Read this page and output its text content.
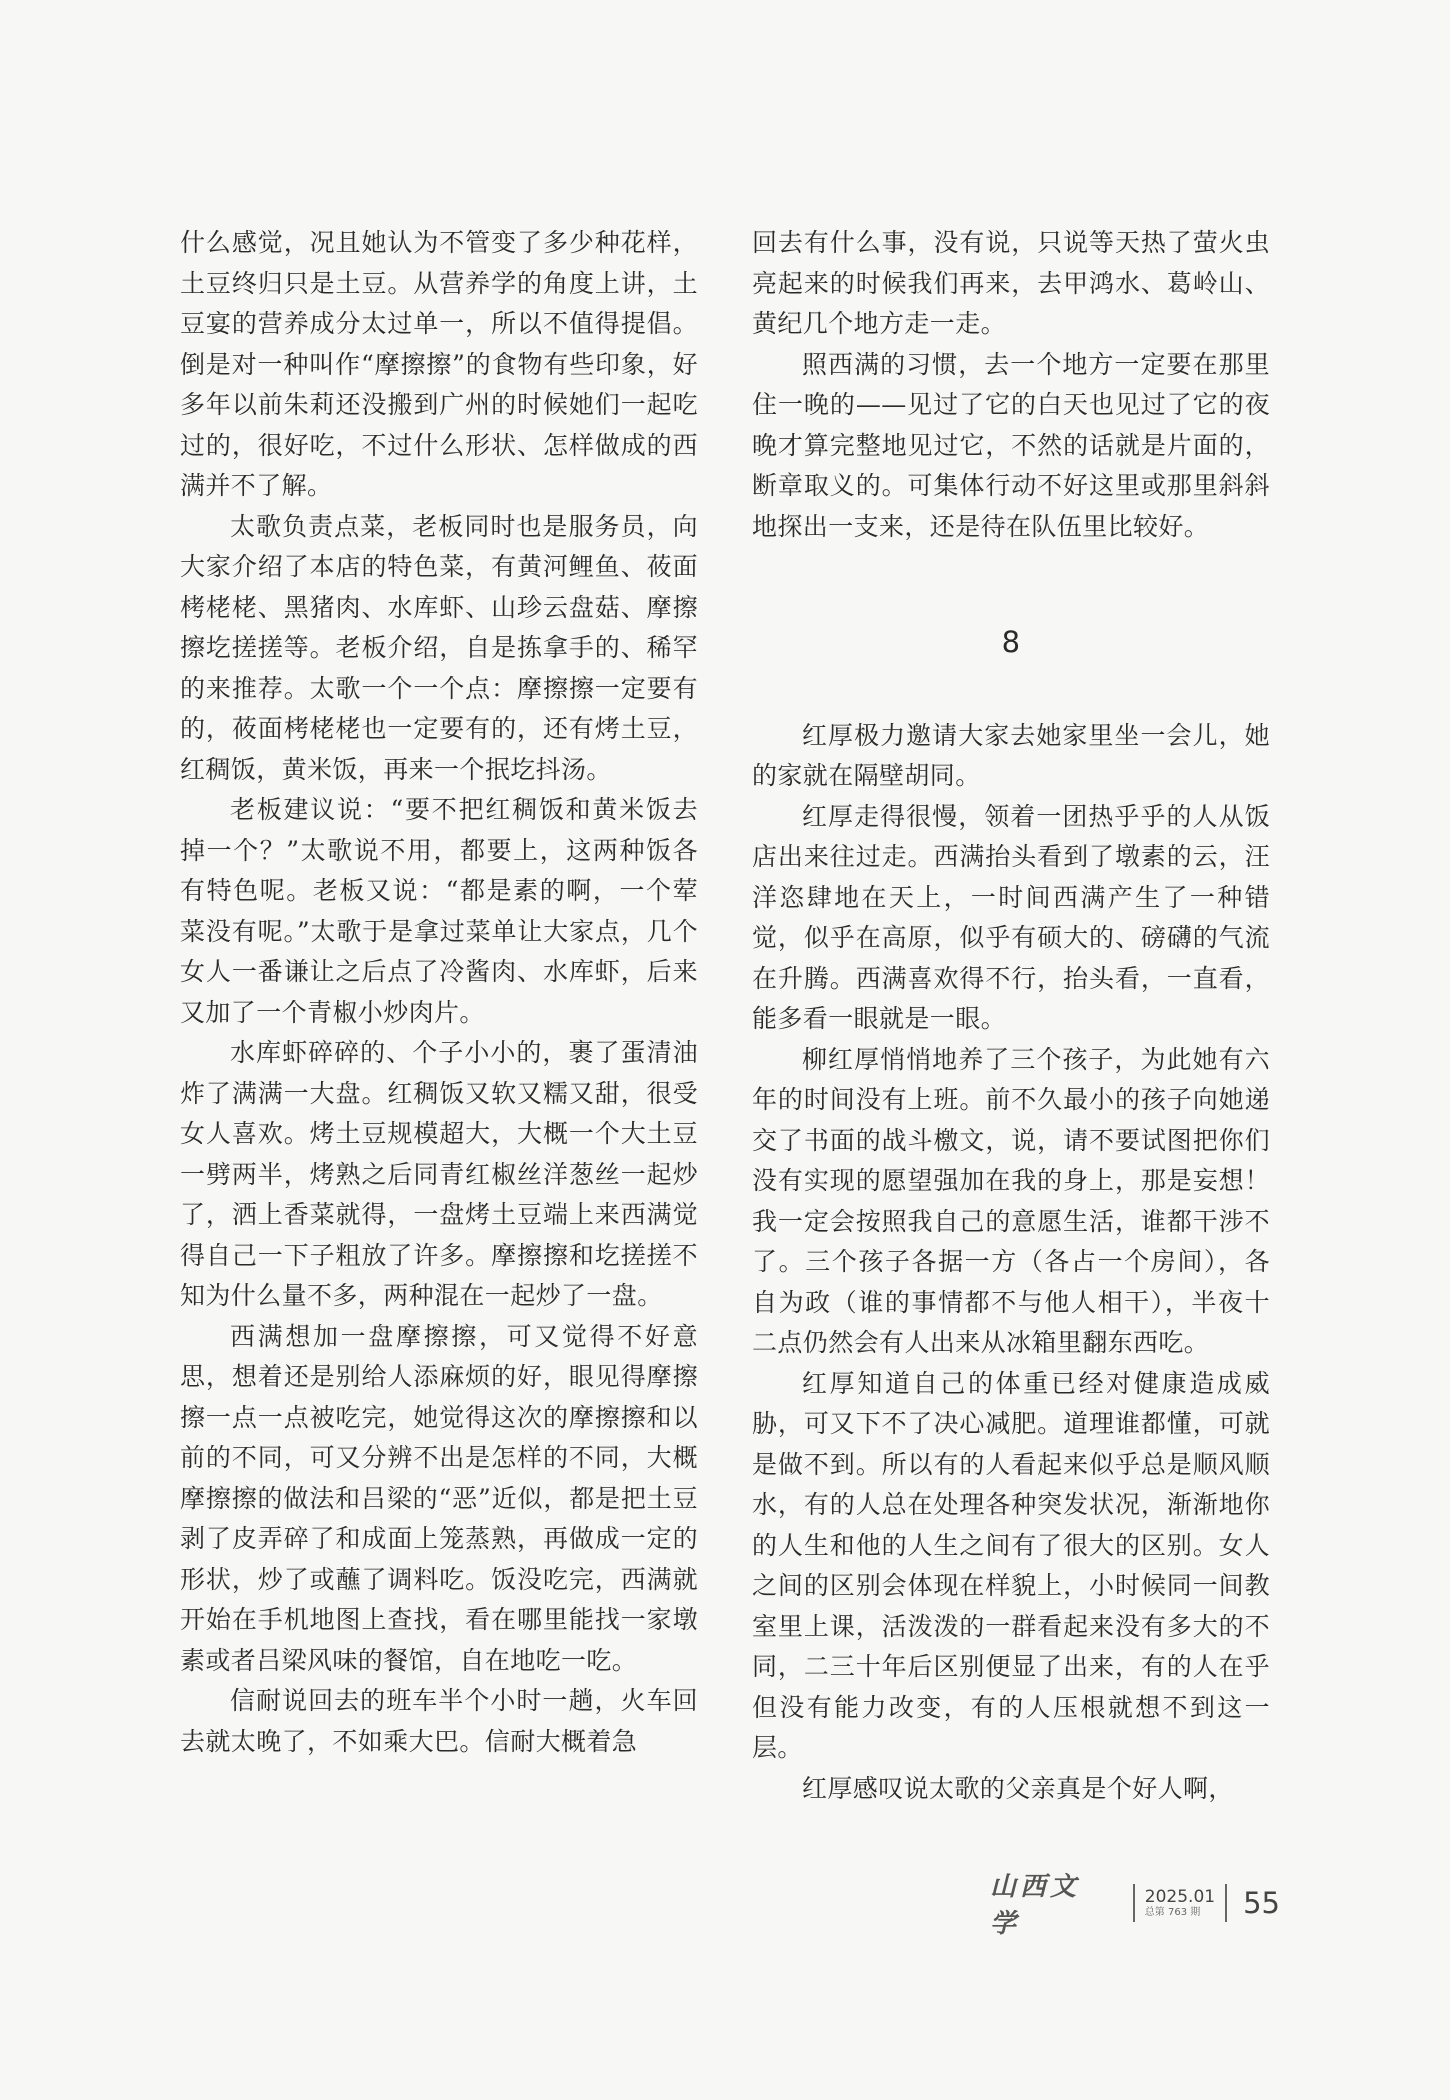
什么感觉，况且她认为不管变了多少种花样，土豆终归只是土豆。从营养学的角度上讲，土豆宴的营养成分太过单一，所以不值得提倡。倒是对一种叫作“摩擦擦”的食物有些印象，好多年以前朱莉还没搬到广州的时候她们一起吃过的，很好吃，不过什么形状、怎样做成的西满并不了解。

太歌负责点菜，老板同时也是服务员，向大家介绍了本店的特色菜，有黄河鲤鱼、莜面栲栳栳、黑猪肉、水库虾、山珍云盘菇、摩擦擦圪搓搓等。老板介绍，自是拣拿手的、稀罕的来推荐。太歌一个一个点：摩擦擦一定要有的，莜面栲栳栳也一定要有的，还有烤土豆，红稠饭，黄米饭，再来一个抿圪抖汤。

老板建议说：“要不把红稠饭和黄米饭去掉一个？”太歌说不用，都要上，这两种饭各有特色呢。老板又说：“都是素的啊，一个荤菜没有呢。”太歌于是拿过菜单让大家点，几个女人一番谦让之后点了冷酱肉、水库虾，后来又加了一个青椒小炒肉片。

水库虾碎碎的、个子小小的，裹了蛋清油炸了满满一大盘。红稠饭又软又糯又甜，很受女人喜欢。烤土豆规模超大，大概一个大土豆一劈两半，烤熟之后同青红椒丝洋葱丝一起炒了，洒上香菜就得，一盘烤土豆端上来西满觉得自己一下子粗放了许多。摩擦擦和圪搓搓不知为什么量不多，两种混在一起炒了一盘。

西满想加一盘摩擦擦，可又觉得不好意思，想着还是别给人添麻烦的好，眼见得摩擦擦一点一点被吃完，她觉得这次的摩擦擦和以前的不同，可又分辨不出是怎样的不同，大概摩擦擦的做法和吕梁的“恶”近似，都是把土豆剥了皮弄碎了和成面上笼蒸熟，再做成一定的形状，炒了或蘸了调料吃。饭没吃完，西满就开始在手机地图上查找，看在哪里能找一家墩素或者吕梁风味的餐馆，自在地吃一吃。

信耐说回去的班车半个小时一趟，火车回去就太晚了，不如乘大巴。信耐大概着急

回去有什么事，没有说，只说等天热了萤火虫亮起来的时候我们再来，去甲鸿水、葛岭山、黄纪几个地方走一走。

照西满的习惯，去一个地方一定要在那里住一晚的——见过了它的白天也见过了它的夜晚才算完整地见过它，不然的话就是片面的，断章取义的。可集体行动不好这里或那里斜斜地探出一支来，还是待在队伍里比较好。

8

红厚极力邀请大家去她家里坐一会儿，她的家就在隔壁胡同。

红厚走得很慢，领着一团热乎乎的人从饭店出来往过走。西满抬头看到了墩素的云，汪洋恣肆地在天上，一时间西满产生了一种错觉，似乎在高原，似乎有硕大的、磅礴的气流在升腾。西满喜欢得不行，抬头看，一直看，能多看一眼就是一眼。

柳红厚悄悄地养了三个孩子，为此她有六年的时间没有上班。前不久最小的孩子向她递交了书面的战斗檄文，说，请不要试图把你们没有实现的愿望强加在我的身上，那是妄想！我一定会按照我自己的意愿生活，谁都干涉不了。三个孩子各据一方（各占一个房间），各自为政（谁的事情都不与他人相干），半夜十二点仍然会有人出来从冰箱里翻东西吃。

红厚知道自己的体重已经对健康造成威胁，可又下不了决心减肥。道理谁都懂，可就是做不到。所以有的人看起来似乎总是顺风顺水，有的人总在处理各种突发状况，渐渐地你的人生和他的人生之间有了很大的区别。女人之间的区别会体现在样貌上，小时候同一间教室里上课，活泼泼的一群看起来没有多大的不同，二三十年后区别便显了出来，有的人在乎但没有能力改变，有的人压根就想不到这一层。

红厚感叹说太歌的父亲真是个好人啊，

山西文学
2025.01
总第 763 期	55
